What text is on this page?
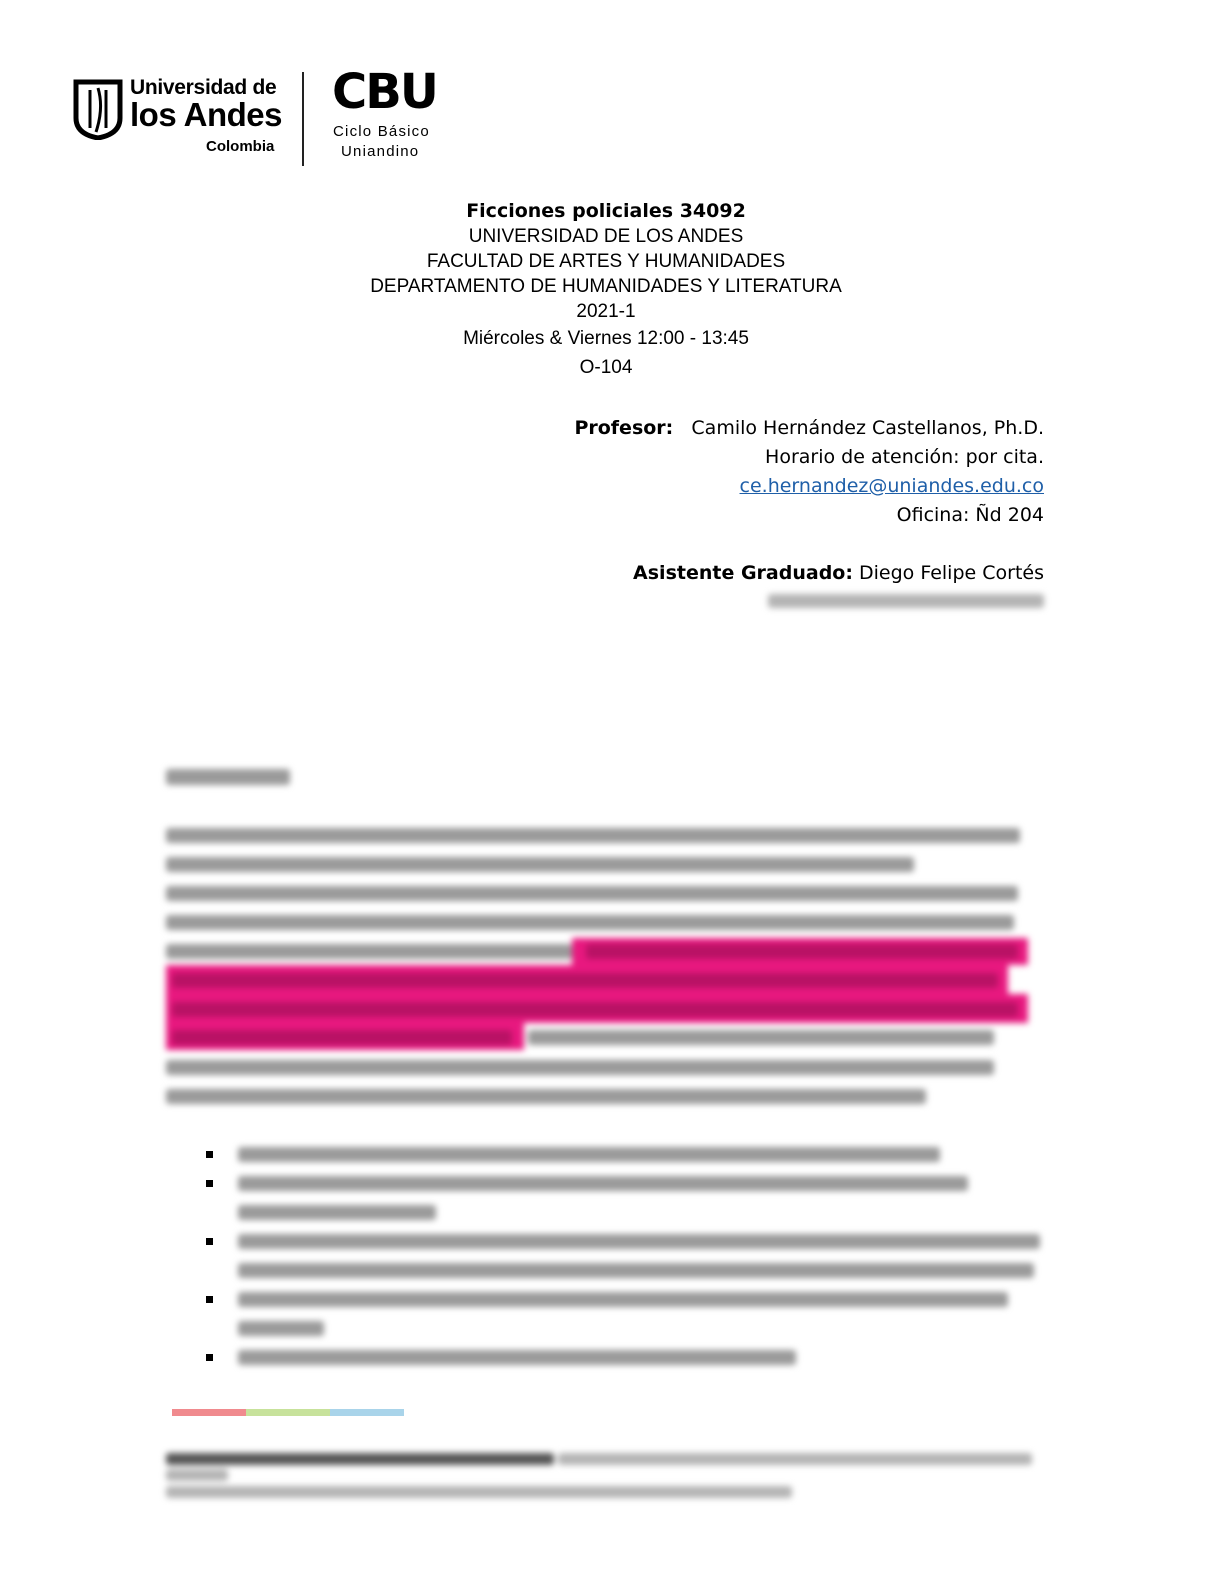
Universidad de
los Andes
Colombia
CBU
Ciclo Básico
Uniandino
Ficciones policiales 34092
UNIVERSIDAD DE LOS ANDES
FACULTAD DE ARTES Y HUMANIDADES
DEPARTAMENTO DE HUMANIDADES Y LITERATURA
2021-1
Miércoles & Viernes 12:00 - 13:45
O-104
Profesor: Camilo Hernández Castellanos, Ph.D.
Horario de atención: por cita.
ce.hernandez@uniandes.edu.co
Oficina: Ñd 204
Asistente Graduado: Diego Felipe Cortés
